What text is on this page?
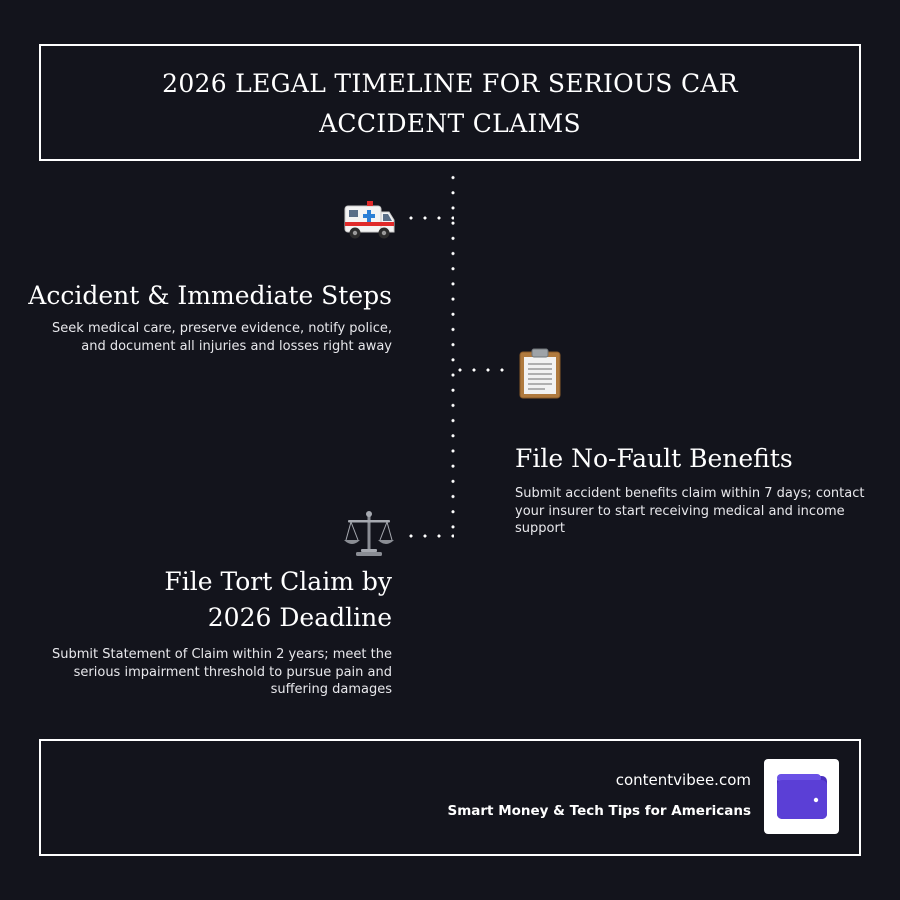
2026 LEGAL TIMELINE FOR SERIOUS CAR ACCIDENT CLAIMS
Accident & Immediate Steps
Seek medical care, preserve evidence, notify police, and document all injuries and losses right away
File No-Fault Benefits
Submit accident benefits claim within 7 days; contact your insurer to start receiving medical and income support
File Tort Claim by 2026 Deadline
Submit Statement of Claim within 2 years; meet the serious impairment threshold to pursue pain and suffering damages
contentvibee.com
Smart Money & Tech Tips for Americans
